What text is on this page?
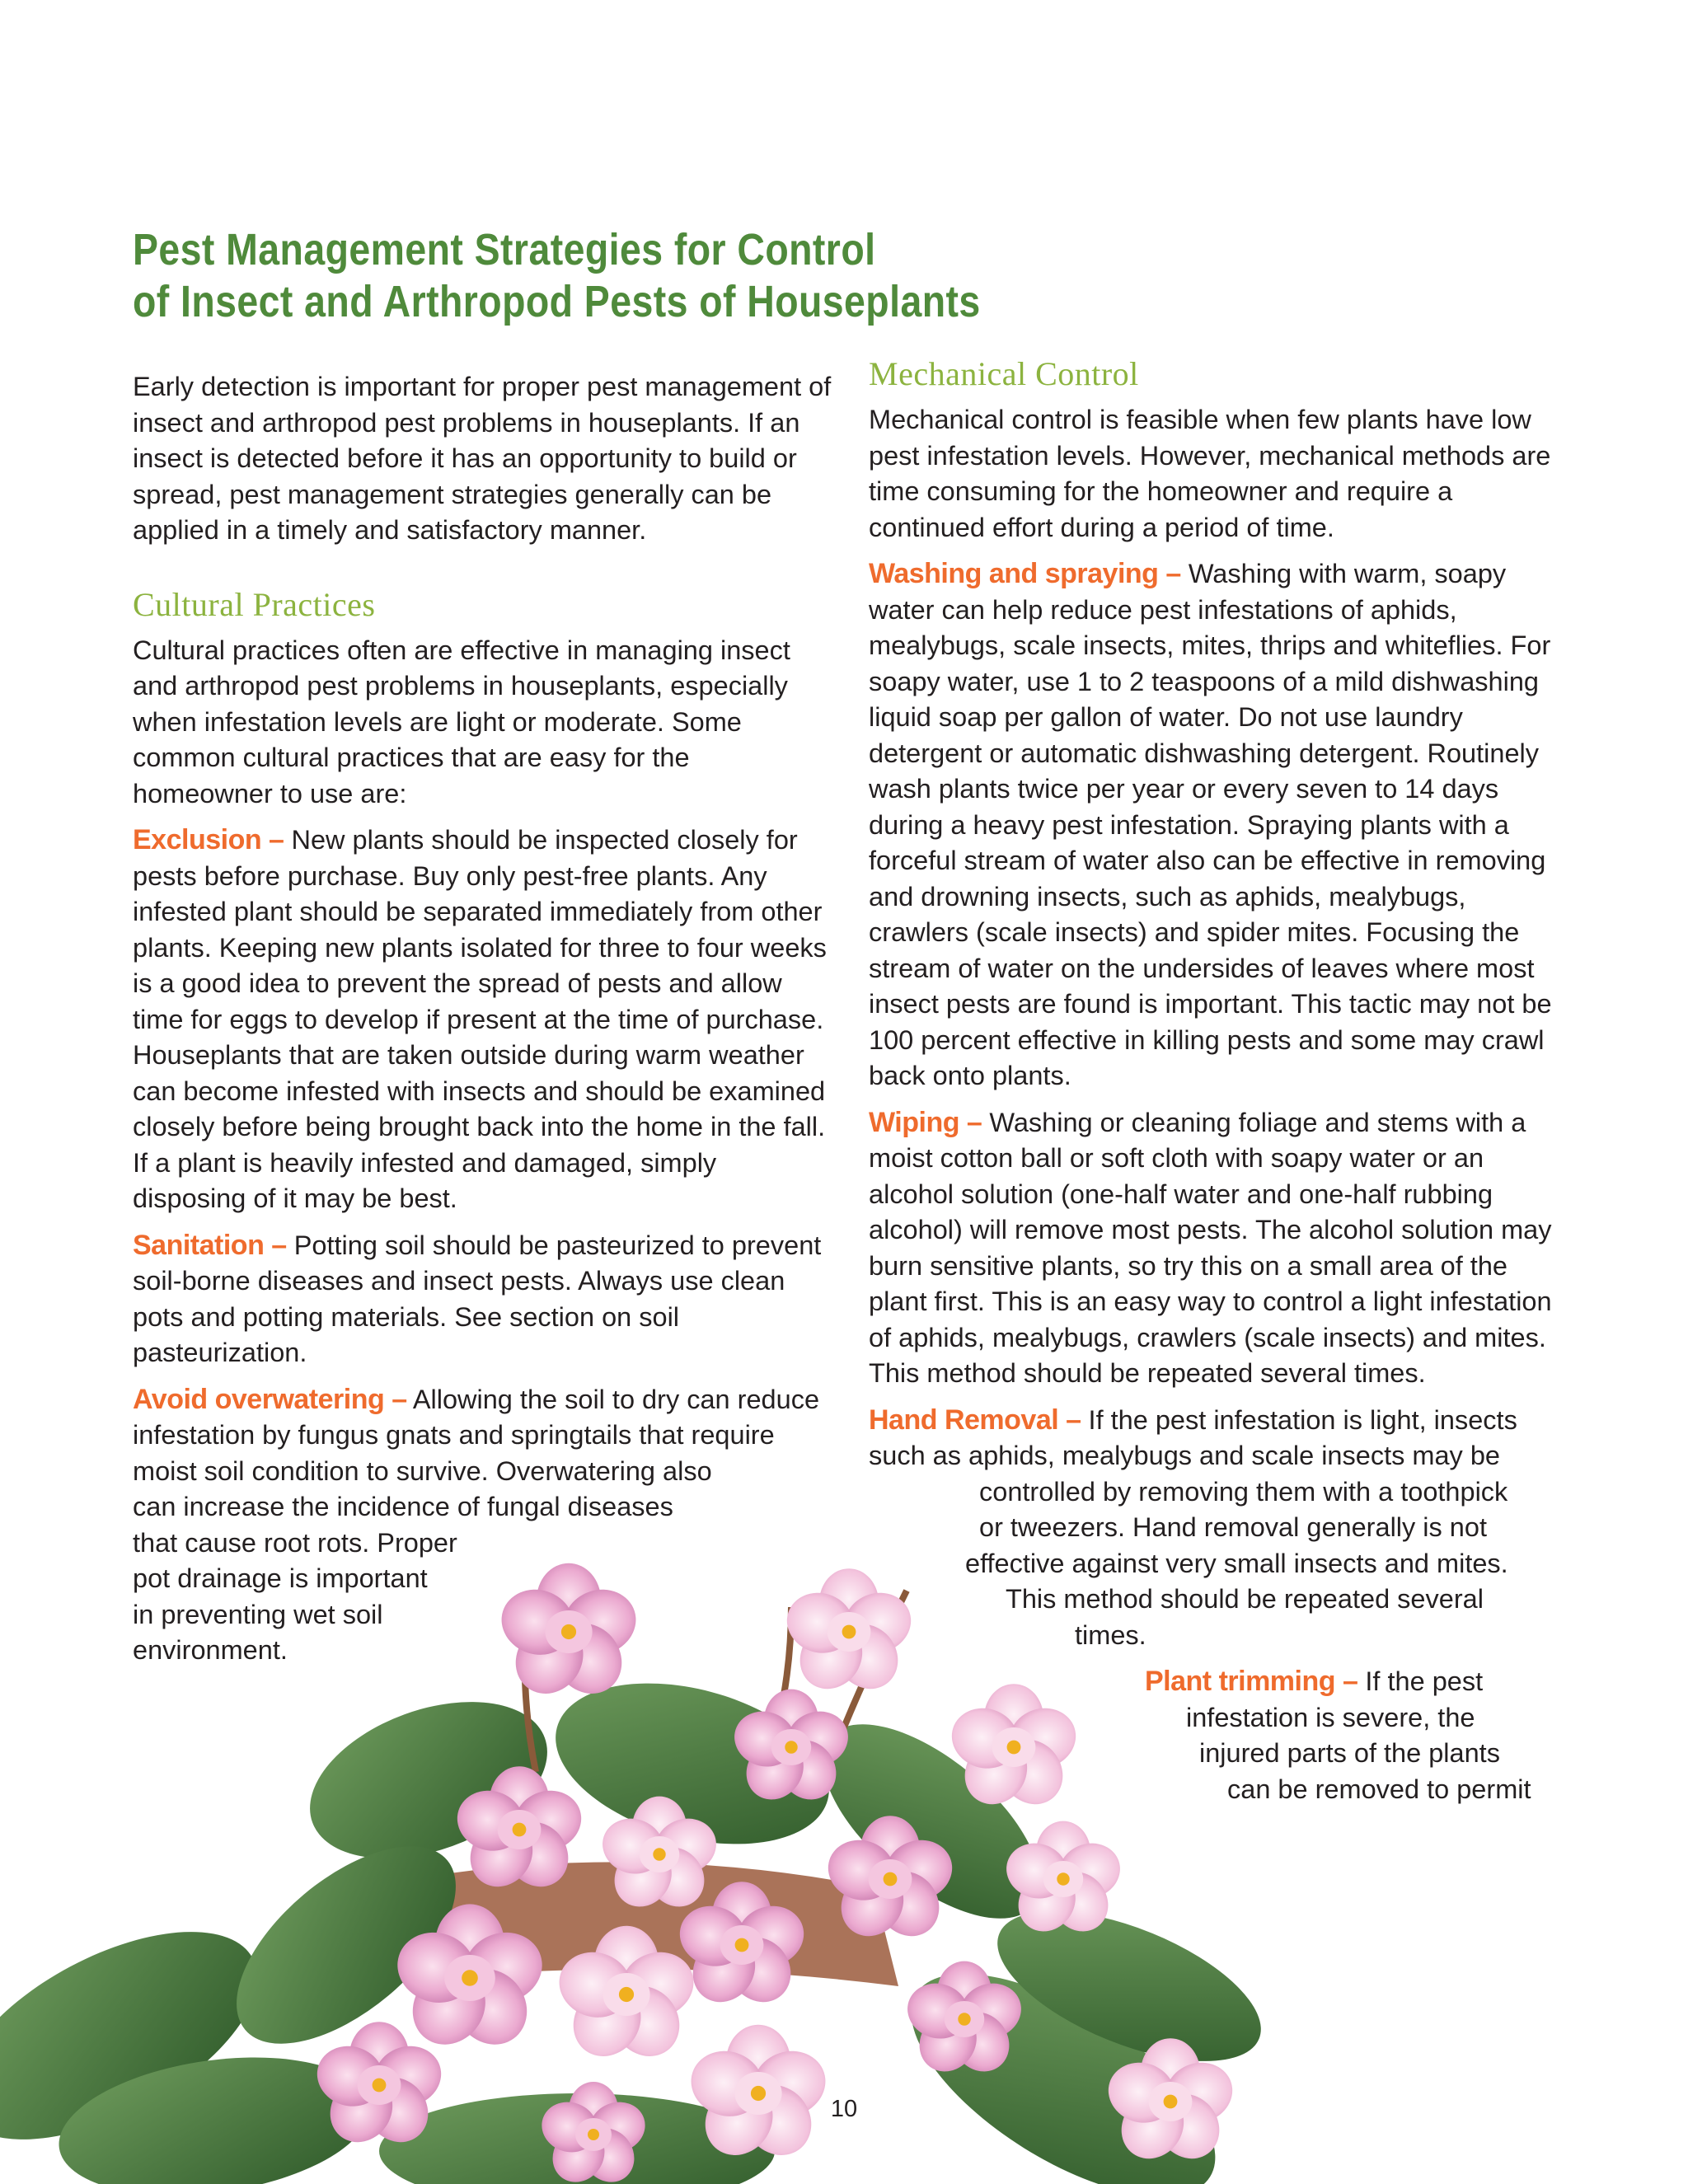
Pest Management Strategies for Control
of Insect and Arthropod Pests of Houseplants

Early detection is important for proper pest management of insect and arthropod pest problems in houseplants. If an insect is detected before it has an opportunity to build or spread, pest management strategies generally can be applied in a timely and satisfactory manner.

Cultural Practices

Cultural practices often are effective in managing insect and arthropod pest problems in houseplants, especially when infestation levels are light or moderate. Some common cultural practices that are easy for the homeowner to use are:

Exclusion – New plants should be inspected closely for pests before purchase. Buy only pest-free plants. Any infested plant should be separated immediately from other plants. Keeping new plants isolated for three to four weeks is a good idea to prevent the spread of pests and allow time for eggs to develop if present at the time of purchase. Houseplants that are taken outside during warm weather can become infested with insects and should be examined closely before being brought back into the home in the fall. If a plant is heavily infested and damaged, simply disposing of it may be best.

Sanitation – Potting soil should be pasteurized to prevent soil-borne diseases and insect pests. Always use clean pots and potting materials. See section on soil pasteurization.

Avoid overwatering – Allowing the soil to dry can reduce infestation by fungus gnats and springtails that require moist soil condition to survive. Overwatering also
can increase the incidence of fungal diseases
that cause root rots. Proper
pot drainage is important
in preventing wet soil
environment.

Mechanical Control

Mechanical control is feasible when few plants have low pest infestation levels. However, mechanical methods are time consuming for the homeowner and require a continued effort during a period of time.

Washing and spraying – Washing with warm, soapy water can help reduce pest infestations of aphids, mealybugs, scale insects, mites, thrips and whiteflies. For soapy water, use 1 to 2 teaspoons of a mild dishwashing liquid soap per gallon of water. Do not use laundry detergent or automatic dishwashing detergent. Routinely wash plants twice per year or every seven to 14 days during a heavy pest infestation. Spraying plants with a forceful stream of water also can be effective in removing and drowning insects, such as aphids, mealybugs, crawlers (scale insects) and spider mites. Focusing the stream of water on the undersides of leaves where most insect pests are found is important. This tactic may not be 100 percent effective in killing pests and some may crawl back onto plants.

Wiping – Washing or cleaning foliage and stems with a moist cotton ball or soft cloth with soapy water or an alcohol solution (one-half water and one-half rubbing alcohol) will remove most pests. The alcohol solution may burn sensitive plants, so try this on a small area of the plant first. This is an easy way to control a light infestation of aphids, mealybugs, crawlers (scale insects) and mites. This method should be repeated several times.

Hand Removal – If the pest infestation is light, insects
such as aphids, mealybugs and scale insects may be
controlled by removing them with a toothpick
or tweezers. Hand removal generally is not
effective against very small insects and mites.
This method should be repeated several
times.

Plant trimming – If the pest
infestation is severe, the
injured parts of the plants
can be removed to permit

10
